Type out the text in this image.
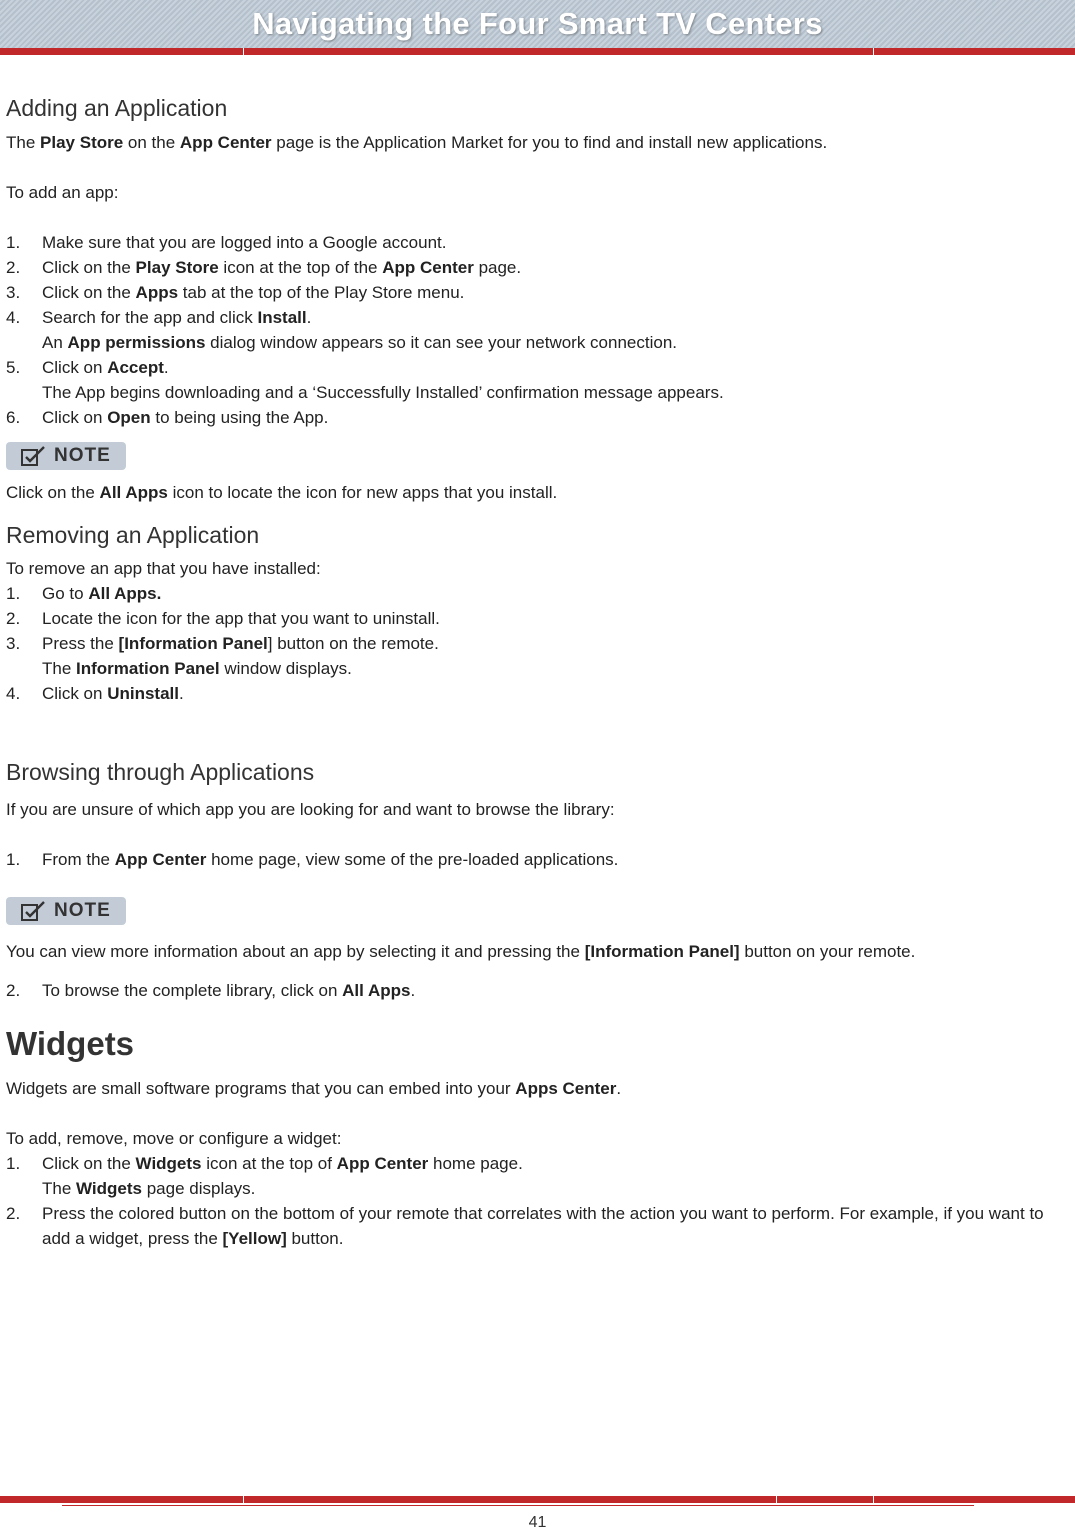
Navigating the Four Smart TV Centers
Adding an Application

The Play Store on the App Center page is the Application Market for you to find and install new applications.

To add an app:

1.	Make sure that you are logged into a Google account.
2.	Click on the Play Store icon at the top of the App Center page.
3.	Click on the Apps tab at the top of the Play Store menu.
4.	Search for the app and click Install.
An App permissions dialog window appears so it can see your network connection.
5.	Click on Accept.
The App begins downloading and a ‘Successfully Installed’ confirmation message appears.
6.	Click on Open to being using the App.
NOTE

Click on the All Apps icon to locate the icon for new apps that you install.

Removing an Application

To remove an app that you have installed:

1.	Go to All Apps.
2.	Locate the icon for the app that you want to uninstall.
3.	Press the [Information Panel] button on the remote.
The Information Panel window displays.
4.	Click on Uninstall.
Browsing through Applications

If you are unsure of which app you are looking for and want to browse the library:

1.	From the App Center home page, view some of the pre-loaded applications.
NOTE

You can view more information about an app by selecting it and pressing the [Information Panel] button on your remote.

2.	To browse the complete library, click on All Apps.
Widgets

Widgets are small software programs that you can embed into your Apps Center.

To add, remove, move or configure a widget:

1.	Click on the Widgets icon at the top of App Center home page.
The Widgets page displays.
2.	Press the colored button on the bottom of your remote that correlates with the action you want to perform. For example, if you want to add a widget, press the [Yellow] button.
41
